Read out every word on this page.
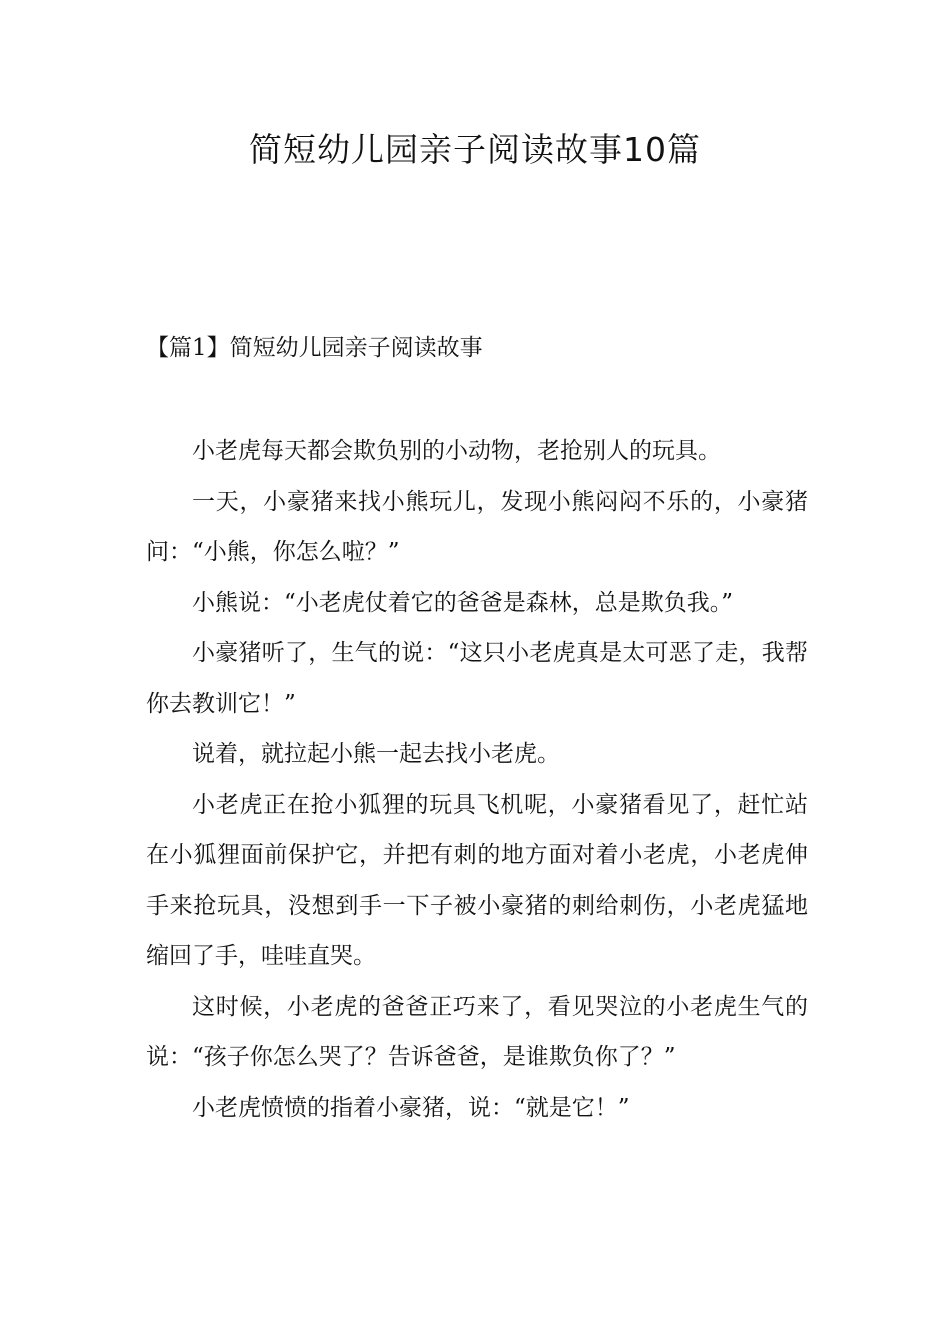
简短幼儿园亲子阅读故事10篇
【篇1】简短幼儿园亲子阅读故事

小老虎每天都会欺负别的小动物，老抢别人的玩具。

一天，小豪猪来找小熊玩儿，发现小熊闷闷不乐的，小豪猪问：“小熊，你怎么啦？”

小熊说：“小老虎仗着它的爸爸是森林，总是欺负我。”

小豪猪听了，生气的说：“这只小老虎真是太可恶了走，我帮你去教训它！”

说着，就拉起小熊一起去找小老虎。

小老虎正在抢小狐狸的玩具飞机呢，小豪猪看见了，赶忙站在小狐狸面前保护它，并把有刺的地方面对着小老虎，小老虎伸手来抢玩具，没想到手一下子被小豪猪的刺给刺伤，小老虎猛地缩回了手，哇哇直哭。

这时候，小老虎的爸爸正巧来了，看见哭泣的小老虎生气的说：“孩子你怎么哭了？告诉爸爸，是谁欺负你了？”

小老虎愤愤的指着小豪猪，说：“就是它！”
